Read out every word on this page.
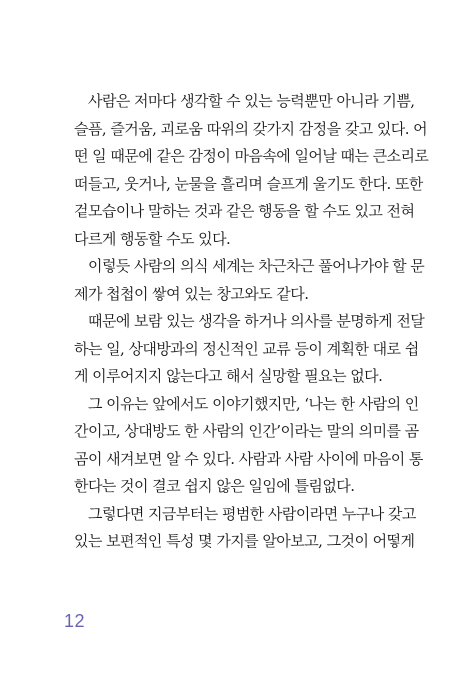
사람은 저마다 생각할 수 있는 능력뿐만 아니라 기쁨,
슬픔, 즐거움, 괴로움 따위의 갖가지 감정을 갖고 있다. 어
떤 일 때문에 같은 감정이 마음속에 일어날 때는 큰소리로
떠들고, 웃거나, 눈물을 흘리며 슬프게 울기도 한다. 또한
겉모습이나 말하는 것과 같은 행동을 할 수도 있고 전혀
다르게 행동할 수도 있다.

이렇듯 사람의 의식 세계는 차근차근 풀어나가야 할 문
제가 첩첩이 쌓여 있는 창고와도 같다.

때문에 보람 있는 생각을 하거나 의사를 분명하게 전달
하는 일, 상대방과의 정신적인 교류 등이 계획한 대로 쉽
게 이루어지지 않는다고 해서 실망할 필요는 없다.

그 이유는 앞에서도 이야기했지만, ‘나는 한 사람의 인
간이고, 상대방도 한 사람의 인간’이라는 말의 의미를 곰
곰이 새겨보면 알 수 있다. 사람과 사람 사이에 마음이 통
한다는 것이 결코 쉽지 않은 일임에 틀림없다.

그렇다면 지금부터는 평범한 사람이라면 누구나 갖고
있는 보편적인 특성 몇 가지를 알아보고, 그것이 어떻게

12
